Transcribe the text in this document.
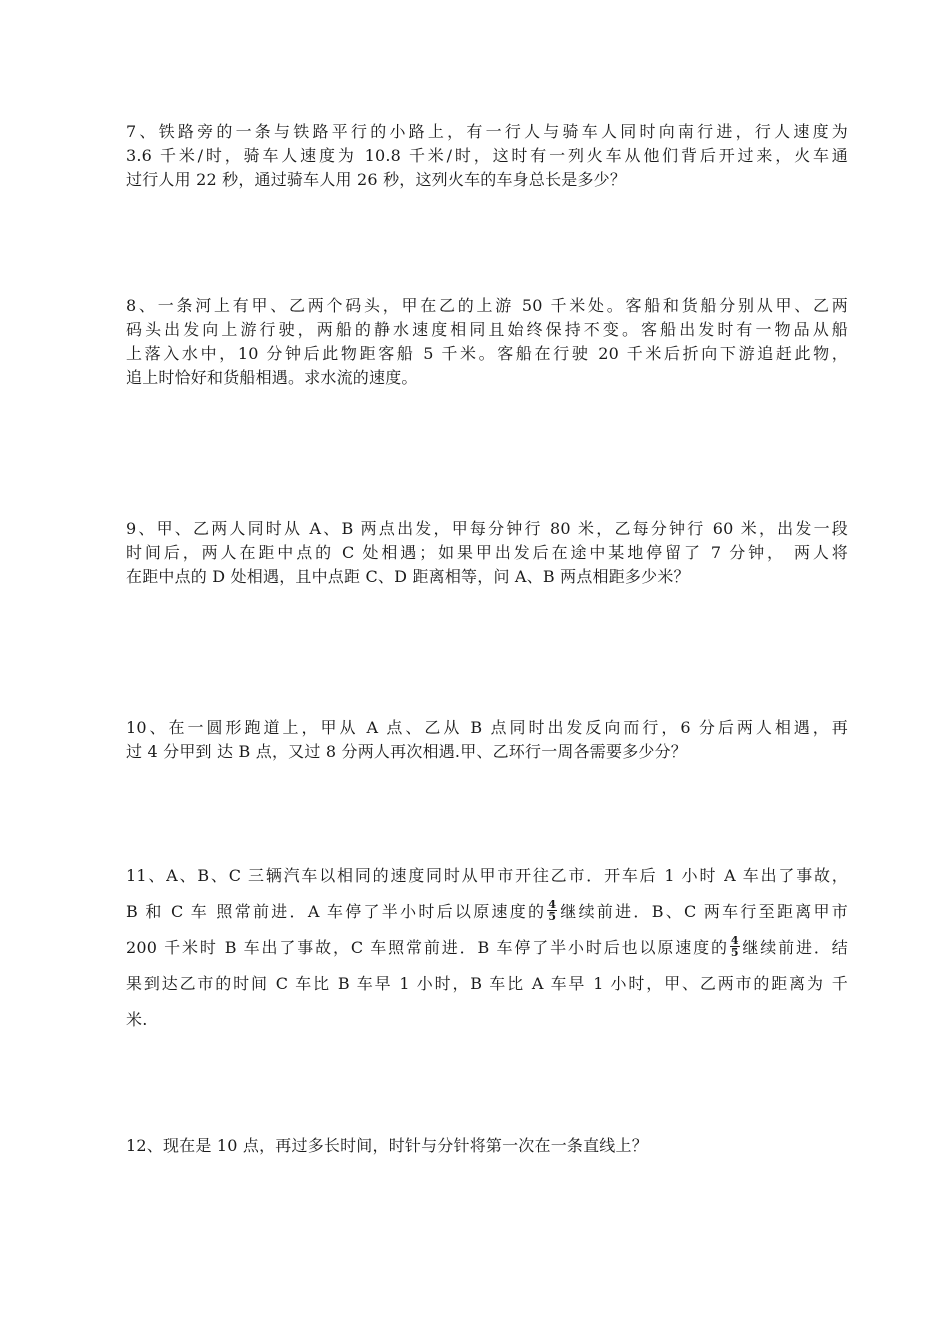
7、铁路旁的一条与铁路平行的小路上，有一行人与骑车人同时向南行进，行人速度为
3.6 千米/时，骑车人速度为 10.8 千米/时，这时有一列火车从他们背后开过来，火车通
过行人用 22 秒，通过骑车人用 26 秒，这列火车的车身总长是多少？
8、一条河上有甲、乙两个码头，甲在乙的上游 50 千米处。客船和货船分别从甲、乙两
码头出发向上游行驶，两船的静水速度相同且始终保持不变。客船出发时有一物品从船
上落入水中，10 分钟后此物距客船 5 千米。客船在行驶 20 千米后折向下游追赶此物，
追上时恰好和货船相遇。求水流的速度。
9、甲、乙两人同时从 A、B 两点出发，甲每分钟行 80 米，乙每分钟行 60 米，出发一段
时间后，两人在距中点的 C 处相遇；如果甲出发后在途中某地停留了 7 分钟， 两人将
在距中点的 D 处相遇，且中点距 C、D 距离相等，问 A、B 两点相距多少米？
10、在一圆形跑道上，甲从 A 点、乙从 B 点同时出发反向而行，6 分后两人相遇，再
过 4 分甲到 达 B 点，又过 8 分两人再次相遇.甲、乙环行一周各需要多少分？
11、A、B、C 三辆汽车以相同的速度同时从甲市开往乙市．开车后 1 小时 A 车出了事故，
B 和 C 车 照常前进．A 车停了半小时后以原速度的 $\frac{4}{5}$ 继续前进．B、C 两车行至距离甲市
200 千米时 B 车出了事故，C 车照常前进．B 车停了半小时后也以原速度的 $\frac{4}{5}$ 继续前进．结
果到达乙市的时间 C 车比 B 车早 1 小时，B 车比 A 车早 1 小时，甲、乙两市的距离为 千
米.
12、现在是 10 点，再过多长时间，时针与分针将第一次在一条直线上？
